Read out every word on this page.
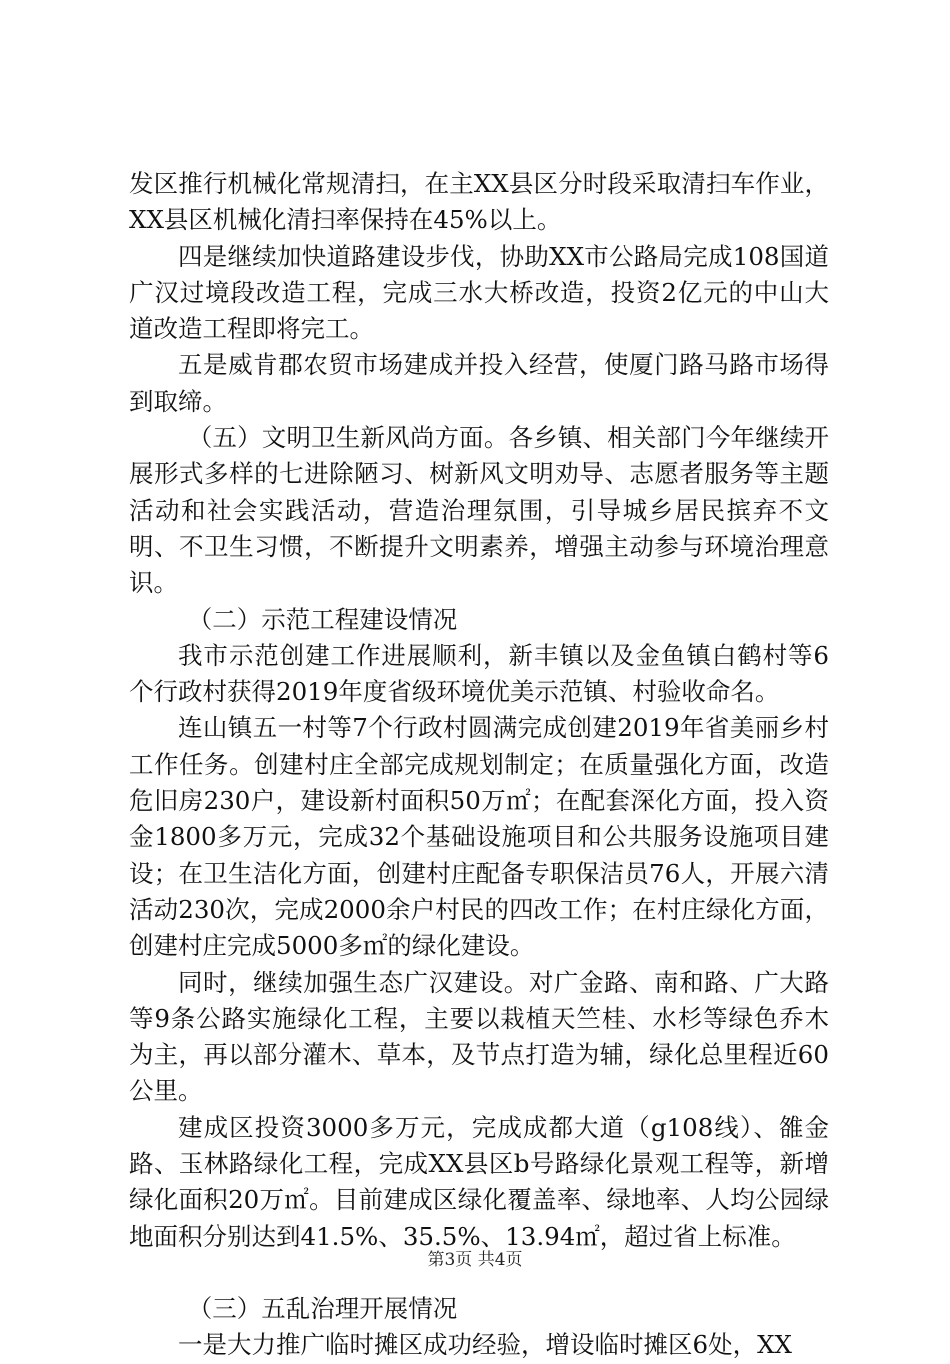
发区推行机械化常规清扫，在主XX县区分时段采取清扫车作业，XX县区机械化清扫率保持在45%以上。

四是继续加快道路建设步伐，协助XX市公路局完成108国道广汉过境段改造工程，完成三水大桥改造，投资2亿元的中山大道改造工程即将完工。

五是威肯郡农贸市场建成并投入经营，使厦门路马路市场得到取缔。

（五）文明卫生新风尚方面。各乡镇、相关部门今年继续开展形式多样的七进除陋习、树新风文明劝导、志愿者服务等主题活动和社会实践活动，营造治理氛围，引导城乡居民摈弃不文明、不卫生习惯，不断提升文明素养，增强主动参与环境治理意识。

（二）示范工程建设情况

我市示范创建工作进展顺利，新丰镇以及金鱼镇白鹤村等6个行政村获得2019年度省级环境优美示范镇、村验收命名。

连山镇五一村等7个行政村圆满完成创建2019年省美丽乡村工作任务。创建村庄全部完成规划制定；在质量强化方面，改造危旧房230户，建设新村面积50万㎡；在配套深化方面，投入资金1800多万元，完成32个基础设施项目和公共服务设施项目建设；在卫生洁化方面，创建村庄配备专职保洁员76人，开展六清活动230次，完成2000余户村民的四改工作；在村庄绿化方面，创建村庄完成5000多㎡的绿化建设。

同时，继续加强生态广汉建设。对广金路、南和路、广大路等9条公路实施绿化工程，主要以栽植天竺桂、水杉等绿色乔木为主，再以部分灌木、草本，及节点打造为辅，绿化总里程近60公里。

建成区投资3000多万元，完成成都大道（g108线）、雒金路、玉林路绿化工程，完成XX县区b号路绿化景观工程等，新增绿化面积20万㎡。目前建成区绿化覆盖率、绿地率、人均公园绿地面积分别达到41.5%、35.5%、13.94㎡，超过省上标准。

（三）五乱治理开展情况

一是大力推广临时摊区成功经验，增设临时摊区6处，XX

第3页 共4页
